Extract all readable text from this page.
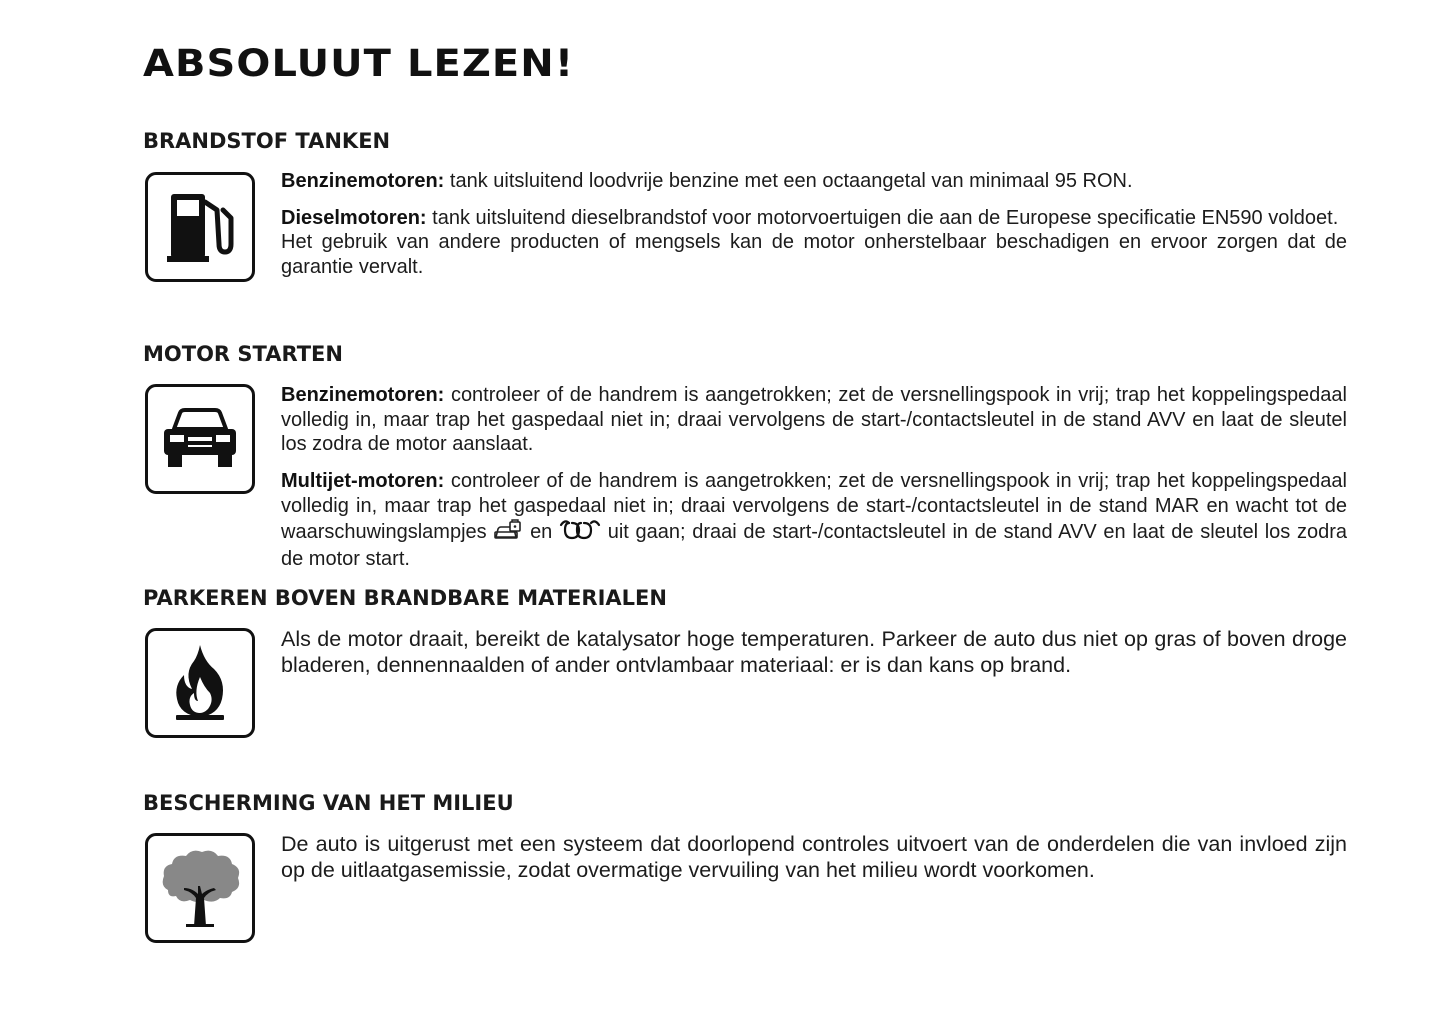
ABSOLUUT LEZEN!
BRANDSTOF TANKEN

Benzinemotoren: tank uitsluitend loodvrije benzine met een octaangetal van minimaal 95 RON.

Dieselmotoren: tank uitsluitend dieselbrandstof voor motorvoertuigen die aan de Europese specificatie EN590 voldoet.

Het gebruik van andere producten of mengsels kan de motor onherstelbaar beschadigen en ervoor zorgen dat de garantie vervalt.

MOTOR STARTEN

Benzinemotoren: controleer of de handrem is aangetrokken; zet de versnellingspook in vrij; trap het koppelingspedaal volledig in, maar trap het gaspedaal niet in; draai vervolgens de start-/contactsleutel in de stand AVV en laat de sleutel los zodra de motor aanslaat.

Multijet-motoren: controleer of de handrem is aangetrokken; zet de versnellingspook in vrij; trap het koppelingspedaal volledig in, maar trap het gaspedaal niet in; draai vervolgens de start-/contactsleutel in de stand MAR en wacht tot de waarschuwingslampjes en	uit gaan; draai de start-/contactsleutel in de stand AVV en laat de sleutel los zodra de motor start.

PARKEREN BOVEN BRANDBARE MATERIALEN

Als de motor draait, bereikt de katalysator hoge temperaturen. Parkeer de auto dus niet op gras of boven droge bladeren, dennennaalden of ander ontvlambaar materiaal: er is dan kans op brand.

BESCHERMING VAN HET MILIEU

De auto is uitgerust met een systeem dat doorlopend controles uitvoert van de onderdelen die van invloed zijn op de uitlaatgasemissie, zodat overmatige vervuiling van het milieu wordt voorkomen.
